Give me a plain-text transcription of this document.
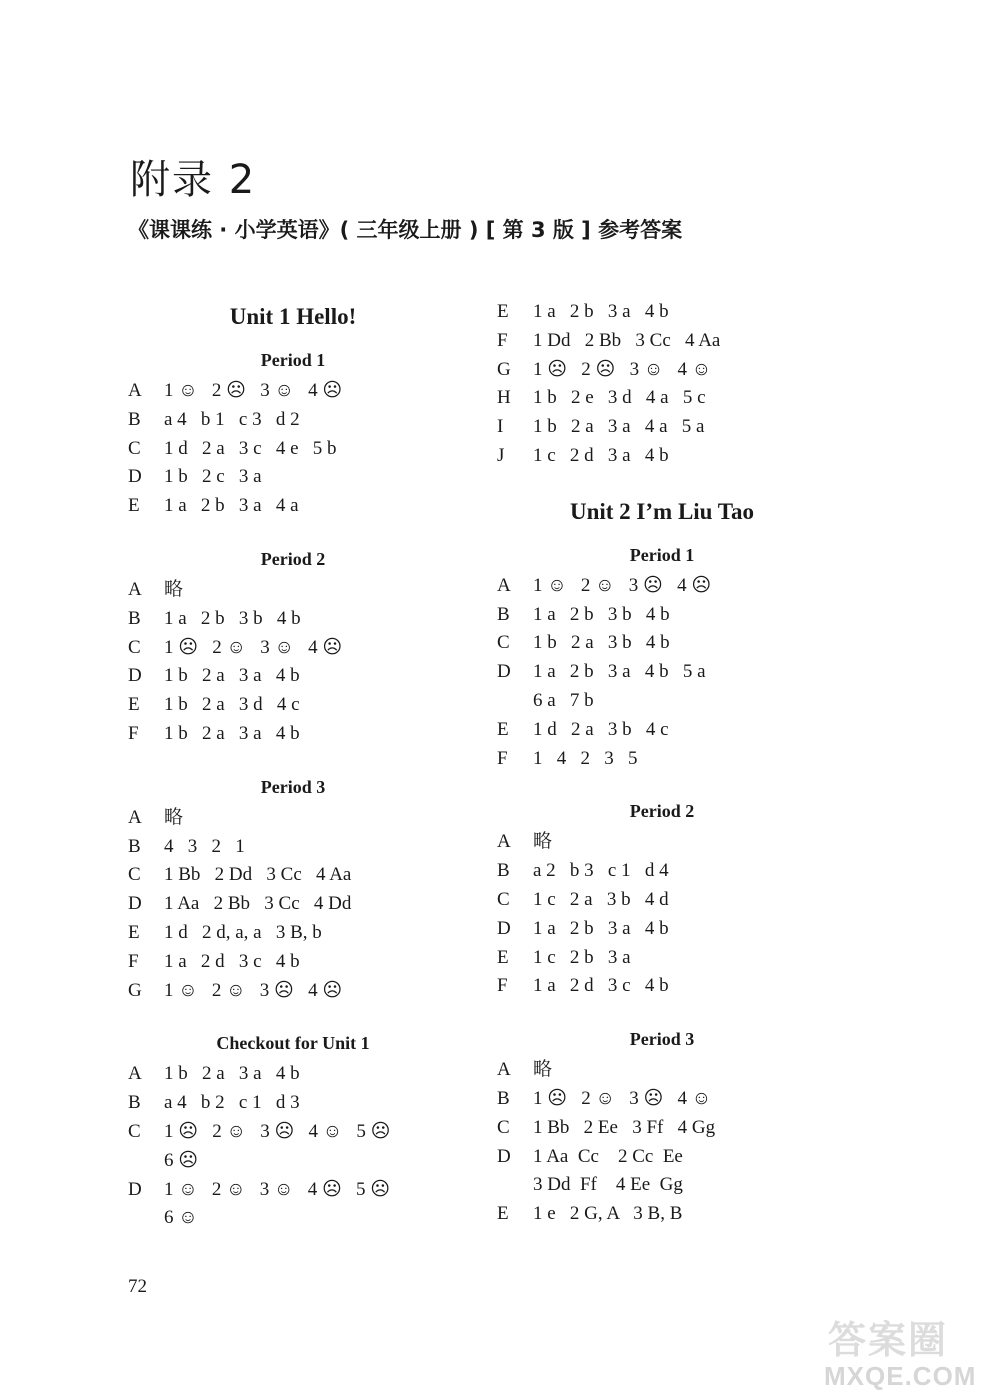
附录 2
《课课练 · 小学英语》( 三年级上册 ) [ 第 3 版 ] 参考答案
Unit 1 Hello!
Period 1
A 1 ☺   2 ☹   3 ☺   4 ☹
B a 4   b 1   c 3   d 2
C 1 d   2 a   3 c   4 e   5 b
D 1 b   2 c   3 a
E 1 a   2 b   3 a   4 a
Period 2
A 略
B 1 a   2 b   3 b   4 b
C 1 ☹   2 ☺   3 ☺   4 ☹
D 1 b   2 a   3 a   4 b
E 1 b   2 a   3 d   4 c
F 1 b   2 a   3 a   4 b
Period 3
A 略
B 4   3   2   1
C 1 Bb   2 Dd   3 Cc   4 Aa
D 1 Aa   2 Bb   3 Cc   4 Dd
E 1 d   2 d, a, a   3 B, b
F 1 a   2 d   3 c   4 b
G 1 ☺   2 ☺   3 ☹   4 ☹
Checkout for Unit 1
A 1 b   2 a   3 a   4 b
B a 4   b 2   c 1   d 3
C 1 ☹   2 ☺   3 ☹   4 ☺   5 ☹
6 ☹
D 1 ☺   2 ☺   3 ☺   4 ☹   5 ☹
6 ☺
E 1 a   2 b   3 a   4 b
F 1 Dd   2 Bb   3 Cc   4 Aa
G 1 ☹   2 ☹   3 ☺   4 ☺
H 1 b   2 e   3 d   4 a   5 c
I 1 b   2 a   3 a   4 a   5 a
J 1 c   2 d   3 a   4 b
Unit 2 I’m Liu Tao
Period 1
A 1 ☺   2 ☺   3 ☹   4 ☹
B 1 a   2 b   3 b   4 b
C 1 b   2 a   3 b   4 b
D 1 a   2 b   3 a   4 b   5 a
6 a   7 b
E 1 d   2 a   3 b   4 c
F 1   4   2   3   5
Period 2
A 略
B a 2   b 3   c 1   d 4
C 1 c   2 a   3 b   4 d
D 1 a   2 b   3 a   4 b
E 1 c   2 b   3 a
F 1 a   2 d   3 c   4 b
Period 3
A 略
B 1 ☹   2 ☺   3 ☹   4 ☺
C 1 Bb   2 Ee   3 Ff   4 Gg
D 1 Aa  Cc    2 Cc  Ee
3 Dd  Ff    4 Ee  Gg
E 1 e   2 G, A   3 B, B
72
答案圈
MXQE.COM
